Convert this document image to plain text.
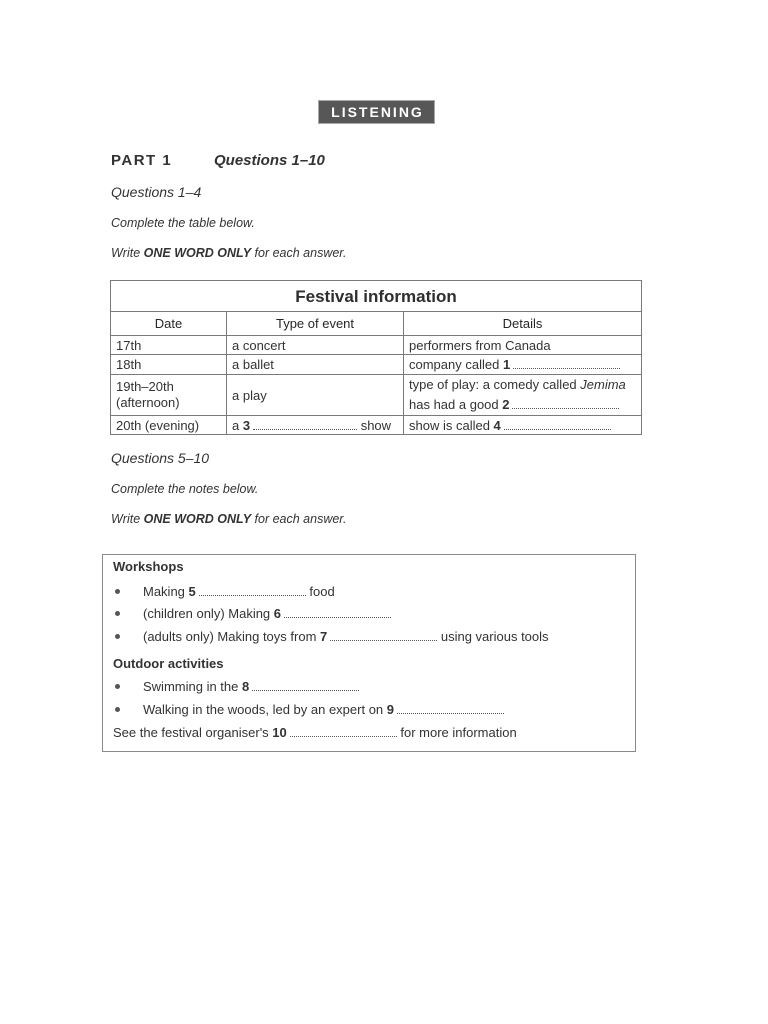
LISTENING
PART 1	Questions 1–10
Questions 1–4
Complete the table below.
Write ONE WORD ONLY for each answer.
Festival information		
Date	Type of event	Details
17th	a concert	performers from Canada
18th	a ballet	company called 1
19th–20th (afternoon)	a play	type of play: a comedy called Jemima
has had a good 2

20th (evening)	a 3 show	show is called 4
Questions 5–10
Complete the notes below.
Write ONE WORD ONLY for each answer.
Workshops
Making 5	food
(children only) Making 6
(adults only) Making toys from 7	using various tools
Outdoor activities
Swimming in the 8
Walking in the woods, led by an expert on 9
See the festival organiser's 10	for more information
